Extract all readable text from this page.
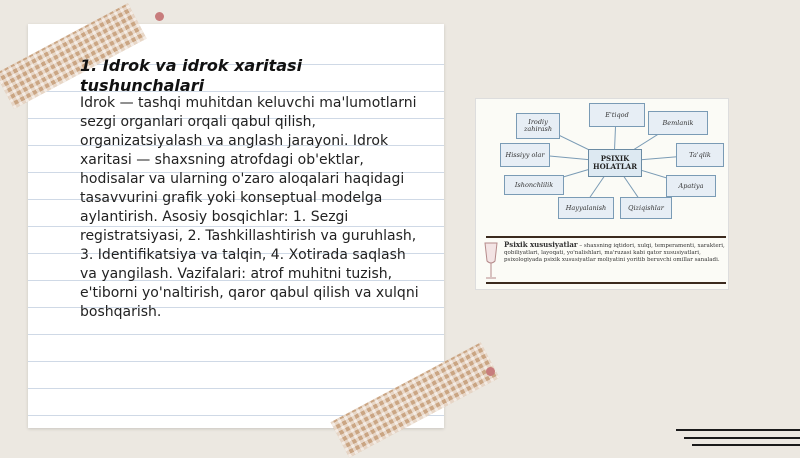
1. Idrok va idrok xaritasi tushunchalari
Idrok — tashqi muhitdan keluvchi ma'lumotlarni sezgi organlari orqali qabul qilish, organizatsiyalash va anglash jarayoni. Idrok xaritasi — shaxsning atrofdagi ob'ektlar, hodisalar va ularning o'zaro aloqalari haqidagi tasavvurini grafik yoki konseptual modelga aylantirish. Asosiy bosqichlar: 1. Sezgi registratsiyasi, 2. Tashkillashtirish va guruhlash, 3. Identifikatsiya va talqin, 4. Xotirada saqlash va yangilash. Vazifalari: atrof muhitni tuzish, e'tiborni yo'naltirish, qaror qabul qilish va xulqni boshqarish.
Irodiy zahirash
E'tiqod
Bemlanik
Hissiyy olar	Ta'qlik
Ishonchlilik	Apatiya
Hayyalanish	Qiziqishlar
PSIXIK HOLATLAR
Psixik xususiyatlar – shaxsning iqtidori, xulqi, temperamenti, xarakteri, qobiliyatlari, layoqati, yo'nalishlari, ma'ruzasi kabi qator xususiyatlari, psixologiyada psixik xususiyatlar moliyatini yoritib beruvchi omillar sanaladi.
